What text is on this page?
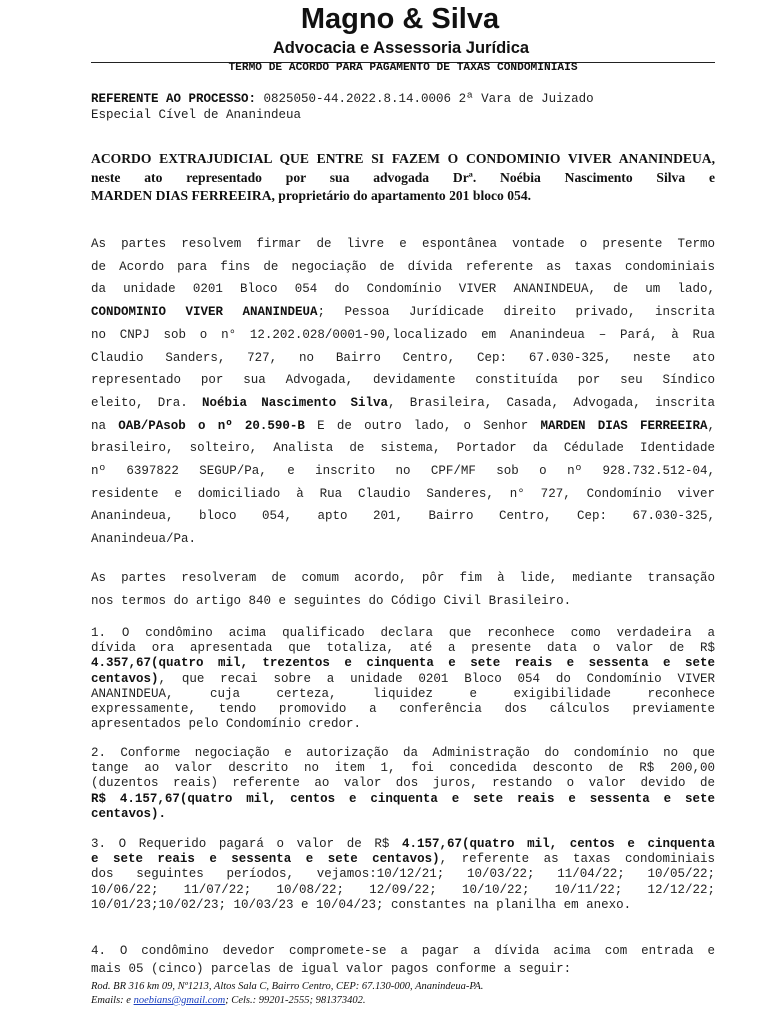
Magno & Silva
Advocacia e Assessoria Jurídica
TERMO DE ACORDO PARA PAGAMENTO DE TAXAS CONDOMINIAIS
REFERENTE AO PROCESSO: 0825050-44.2022.8.14.0006 2ª Vara de Juizado
Especial Cível de Ananindeua
ACORDO EXTRAJUDICIAL QUE ENTRE SI FAZEM O CONDOMINIO VIVER ANANINDEUA,
neste ato representado por sua advogada Drª. Noébia Nascimento Silva e
MARDEN DIAS FERREEIRA, proprietário do apartamento 201 bloco 054.
As partes resolvem firmar de livre e espontânea vontade o presente Termo
de Acordo para fins de negociação de dívida referente as taxas condominiais
da unidade 0201 Bloco 054 do Condomínio VIVER ANANINDEUA, de um lado,
CONDOMINIO VIVER ANANINDEUA; Pessoa Jurídicade direito privado, inscrita
no CNPJ sob o n° 12.202.028/0001-90,localizado em Ananindeua – Pará, à Rua
Claudio Sanders, 727, no Bairro Centro, Cep: 67.030-325, neste ato
representado por sua Advogada, devidamente constituída por seu Síndico
eleito, Dra. Noébia Nascimento Silva, Brasileira, Casada, Advogada, inscrita
na OAB/PAsob o nº 20.590-B E de outro lado, o Senhor MARDEN DIAS FERREEIRA,
brasileiro, solteiro, Analista de sistema, Portador da Cédulade Identidade
nº 6397822 SEGUP/Pa, e inscrito no CPF/MF sob o nº 928.732.512-04,
residente e domiciliado à Rua Claudio Sanderes, n° 727, Condomínio viver
Ananindeua, bloco 054, apto 201, Bairro Centro, Cep: 67.030-325,
Ananindeua/Pa.
As partes resolveram de comum acordo, pôr fim à lide, mediante transação
nos termos do artigo 840 e seguintes do Código Civil Brasileiro.
1. O condômino acima qualificado declara que reconhece como verdadeira a
dívida ora apresentada que totaliza, até a presente data o valor de R$
4.357,67(quatro mil, trezentos e cinquenta e sete reais e sessenta e sete
centavos), que recai sobre a unidade 0201 Bloco 054 do Condomínio VIVER
ANANINDEUA, cuja certeza, liquidez e exigibilidade reconhece
expressamente, tendo promovido a conferência dos cálculos previamente
apresentados pelo Condomínio credor.
2. Conforme negociação e autorização da Administração do condomínio no que
tange ao valor descrito no item 1, foi concedida desconto de R$ 200,00
(duzentos reais) referente ao valor dos juros, restando o valor devido de
R$ 4.157,67(quatro mil, centos e cinquenta e sete reais e sessenta e sete
centavos).
3. O Requerido pagará o valor de R$ 4.157,67(quatro mil, centos e cinquenta
e sete reais e sessenta e sete centavos), referente as taxas condominiais
dos seguintes períodos, vejamos:10/12/21; 10/03/22; 11/04/22; 10/05/22;
10/06/22; 11/07/22; 10/08/22; 12/09/22; 10/10/22; 10/11/22; 12/12/22;
10/01/23;10/02/23; 10/03/23 e 10/04/23; constantes na planilha em anexo.
4. O condômino devedor compromete-se a pagar a dívida acima com entrada e
mais 05 (cinco) parcelas de igual valor pagos conforme a seguir:
Rod. BR 316 km 09, Nº1213, Altos Sala C, Bairro Centro, CEP: 67.130-000, Ananindeua-PA.
Emails: e noebians@gmail.com; Cels.: 99201-2555; 981373402.
